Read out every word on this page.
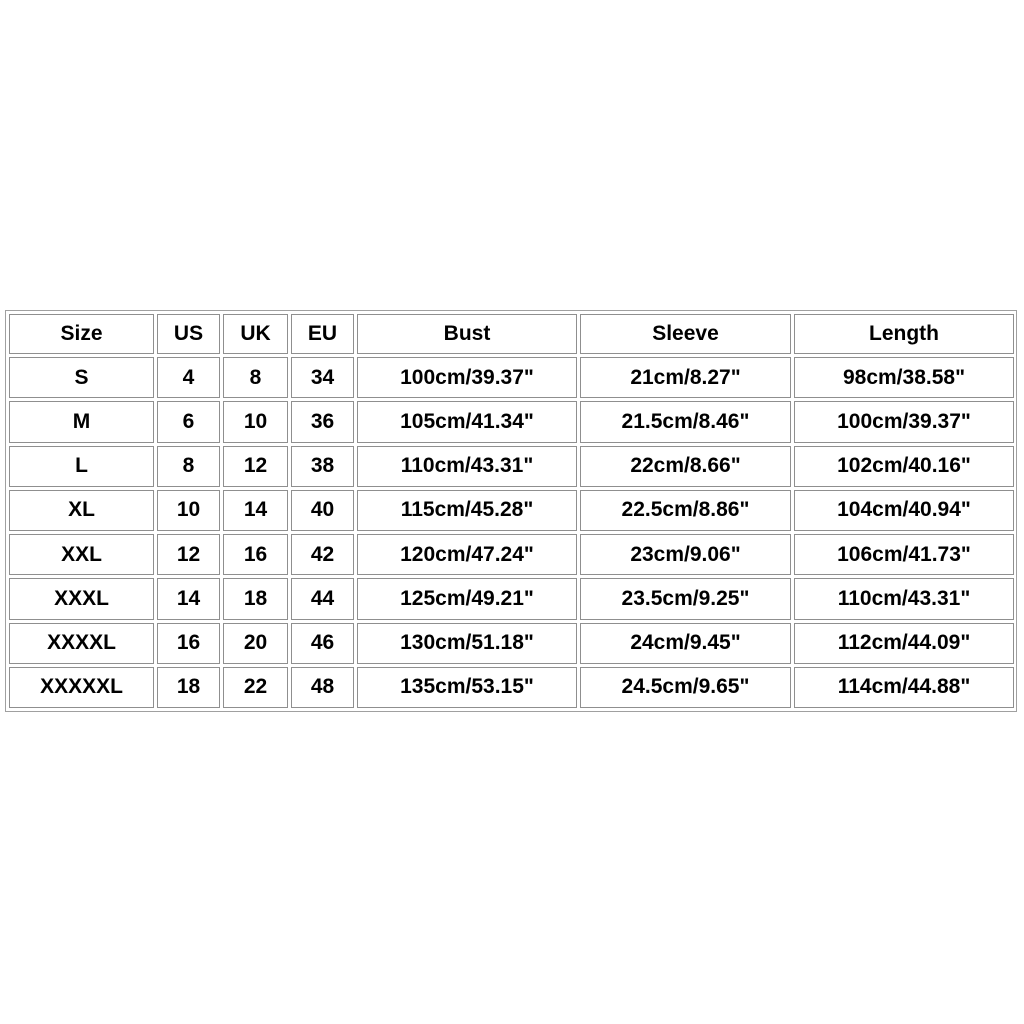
Size	US	UK	EU	Bust	Sleeve	Length
S	4	8	34	100cm/39.37"	21cm/8.27"	98cm/38.58"
M	6	10	36	105cm/41.34"	21.5cm/8.46"	100cm/39.37"
L	8	12	38	110cm/43.31"	22cm/8.66"	102cm/40.16"
XL	10	14	40	115cm/45.28"	22.5cm/8.86"	104cm/40.94"
XXL	12	16	42	120cm/47.24"	23cm/9.06"	106cm/41.73"
XXXL	14	18	44	125cm/49.21"	23.5cm/9.25"	110cm/43.31"
XXXXL	16	20	46	130cm/51.18"	24cm/9.45"	112cm/44.09"
XXXXXL	18	22	48	135cm/53.15"	24.5cm/9.65"	114cm/44.88"
